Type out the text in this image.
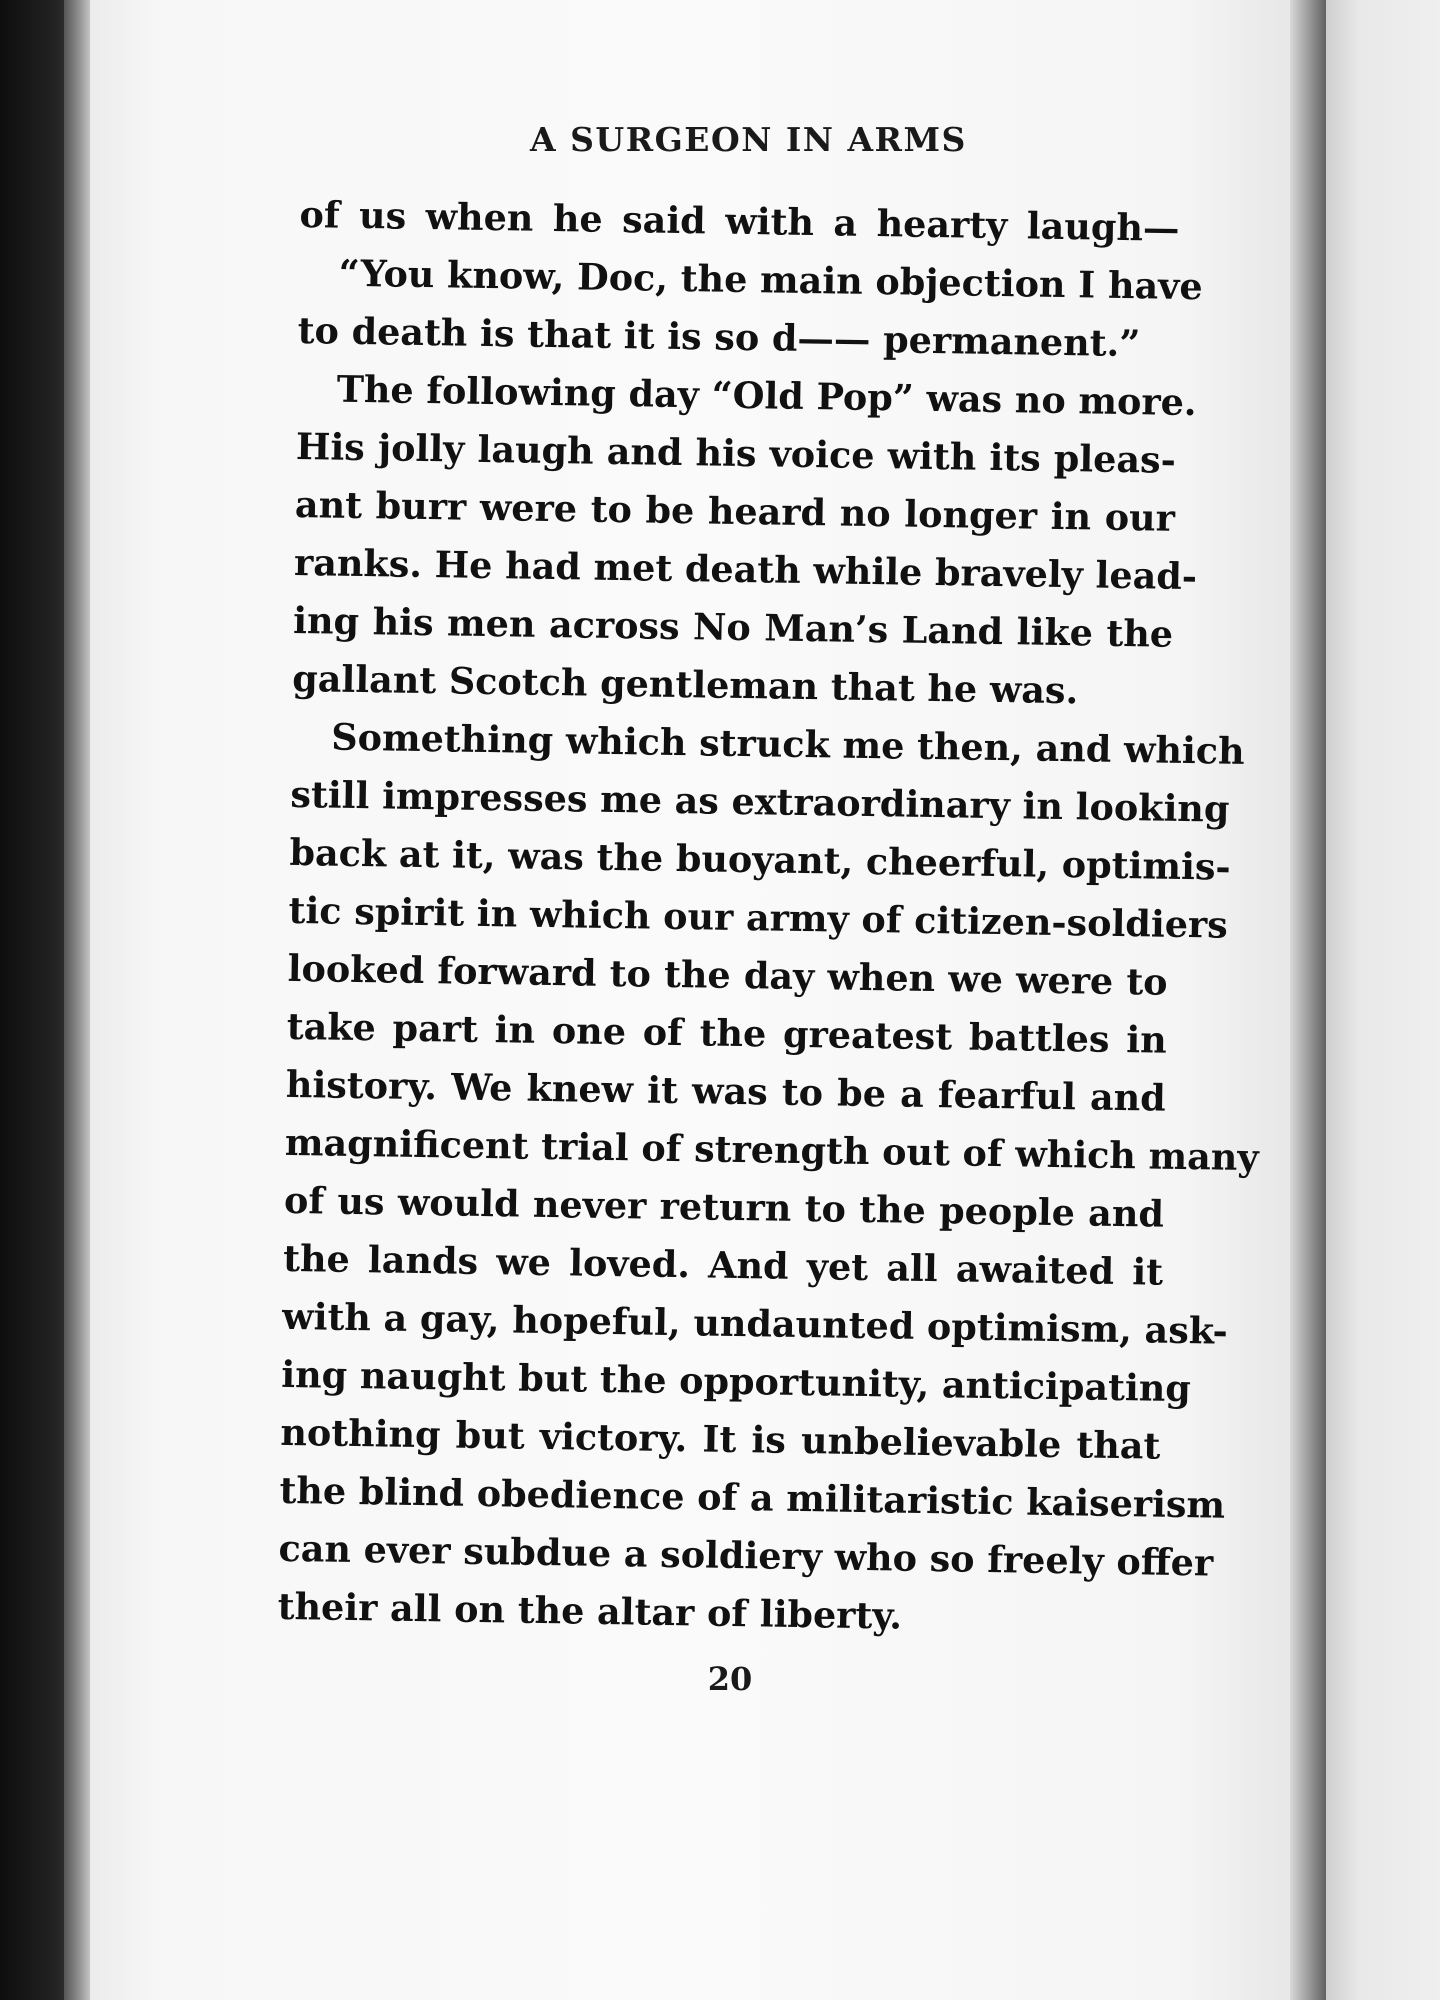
A SURGEON IN ARMS
of us when he said with a hearty laugh—
“You know, Doc, the main objection I have
to death is that it is so d—— permanent.”
The following day “Old Pop” was no more.
His jolly laugh and his voice with its pleas-
ant burr were to be heard no longer in our
ranks. He had met death while bravely lead-
ing his men across No Man’s Land like the
gallant Scotch gentleman that he was.
Something which struck me then, and which
still impresses me as extraordinary in looking
back at it, was the buoyant, cheerful, optimis-
tic spirit in which our army of citizen-soldiers
looked forward to the day when we were to
take part in one of the greatest battles in
history. We knew it was to be a fearful and
magnificent trial of strength out of which many
of us would never return to the people and
the lands we loved. And yet all awaited it
with a gay, hopeful, undaunted optimism, ask-
ing naught but the opportunity, anticipating
nothing but victory. It is unbelievable that
the blind obedience of a militaristic kaiserism
can ever subdue a soldiery who so freely offer
their all on the altar of liberty.
20
